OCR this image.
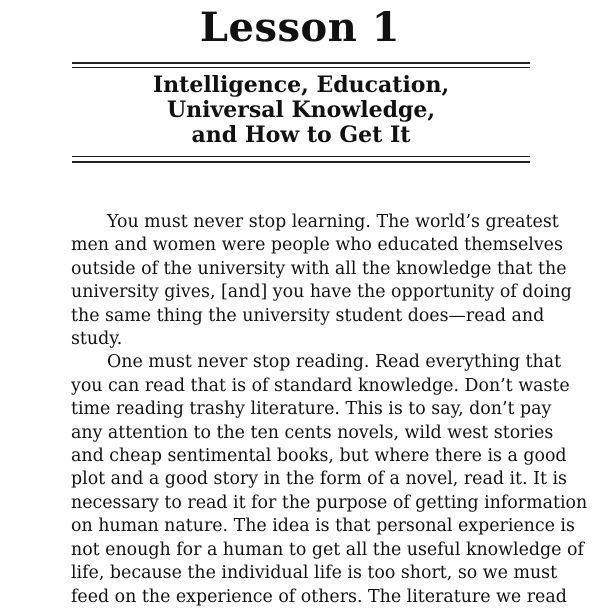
Lesson 1
Intelligence, Education,
Universal Knowledge,
and How to Get It
You must never stop learning. The world’s greatest
men and women were people who educated themselves
outside of the university with all the knowledge that the
university gives, [and] you have the opportunity of doing
the same thing the university student does—read and
study.
One must never stop reading. Read everything that
you can read that is of standard knowledge. Don’t waste
time reading trashy literature. This is to say, don’t pay
any attention to the ten cents novels, wild west stories
and cheap sentimental books, but where there is a good
plot and a good story in the form of a novel, read it. It is
necessary to read it for the purpose of getting information
on human nature. The idea is that personal experience is
not enough for a human to get all the useful knowledge of
life, because the individual life is too short, so we must
feed on the experience of others. The literature we read
